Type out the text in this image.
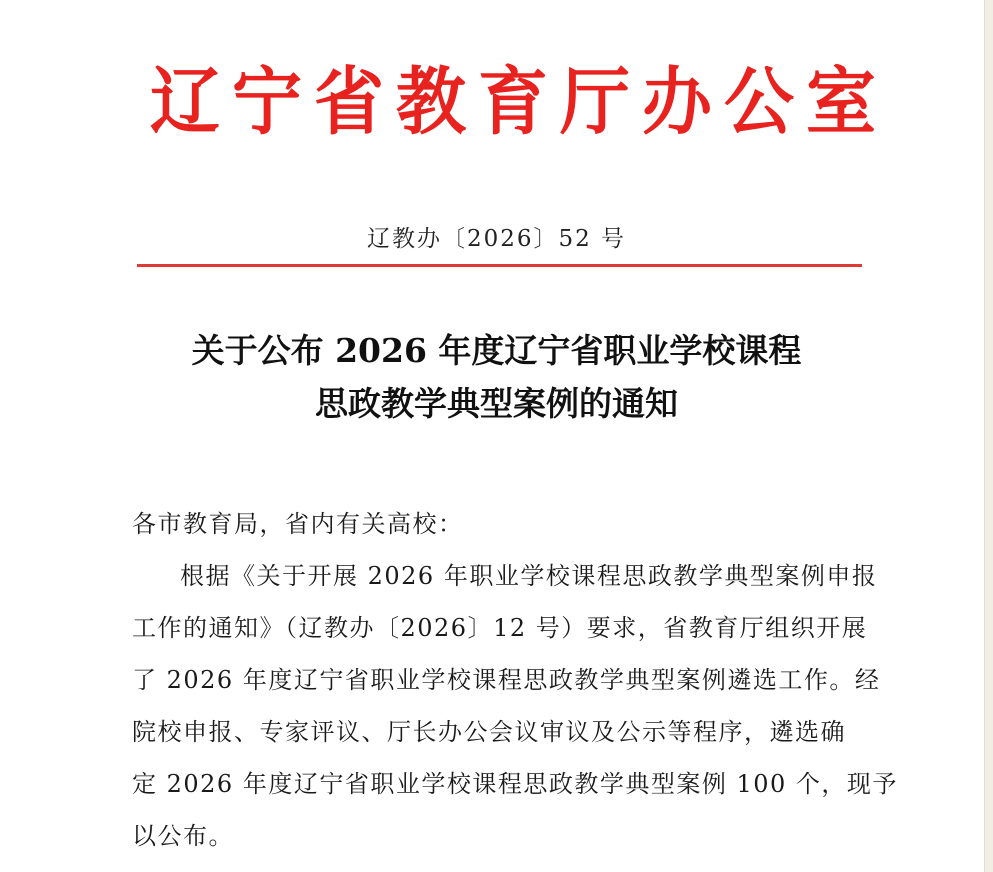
辽宁省教育厅办公室
辽教办〔2026〕52 号
关于公布 2026 年度辽宁省职业学校课程
思政教学典型案例的通知
各市教育局，省内有关高校：
根据《关于开展 2026 年职业学校课程思政教学典型案例申报
工作的通知》（辽教办〔2026〕12 号）要求，省教育厅组织开展
了 2026 年度辽宁省职业学校课程思政教学典型案例遴选工作。经
院校申报、专家评议、厅长办公会议审议及公示等程序，遴选确
定 2026 年度辽宁省职业学校课程思政教学典型案例 100 个，现予
以公布。
